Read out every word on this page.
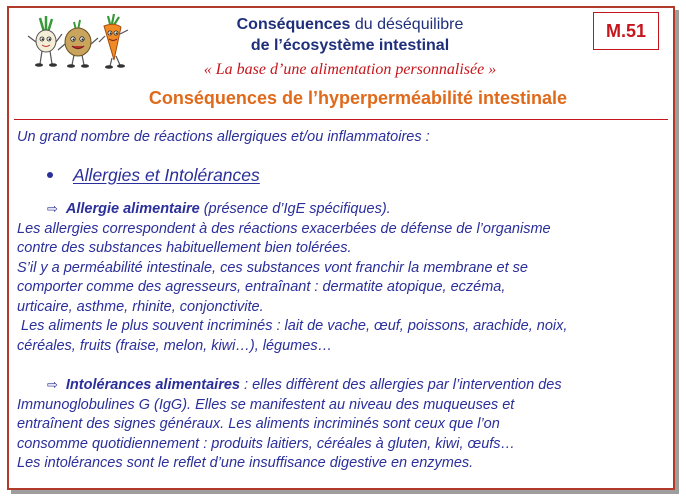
Conséquences du déséquilibre
de l’écosystème intestinal
« La base d’une alimentation personnalisée »
M.51
Conséquences de l’hyperperméabilité intestinale

Un grand nombre de réactions allergiques et/ou inflammatoires :

Allergies et Intolérances

⇨ Allergie alimentaire (présence d’IgE spécifiques).

Les allergies correspondent à des réactions exacerbées de défense de l’organisme

contre des substances habituellement bien tolérées.

S’il y a perméabilité intestinale, ces substances vont franchir la membrane et se

comporter comme des agresseurs, entraînant : dermatite atopique, eczéma,

urticaire, asthme, rhinite, conjonctivite.

Les aliments le plus souvent incriminés : lait de vache, œuf, poissons, arachide, noix,

céréales, fruits (fraise, melon, kiwi…), légumes…

⇨ Intolérances alimentaires : elles diffèrent des allergies par l’intervention des

Immunoglobulines G (IgG). Elles se manifestent au niveau des muqueuses et

entraînent des signes généraux. Les aliments incriminés sont ceux que l’on

consomme quotidiennement : produits laitiers, céréales à gluten, kiwi, œufs…

Les intolérances sont le reflet d’une insuffisance digestive en enzymes.
